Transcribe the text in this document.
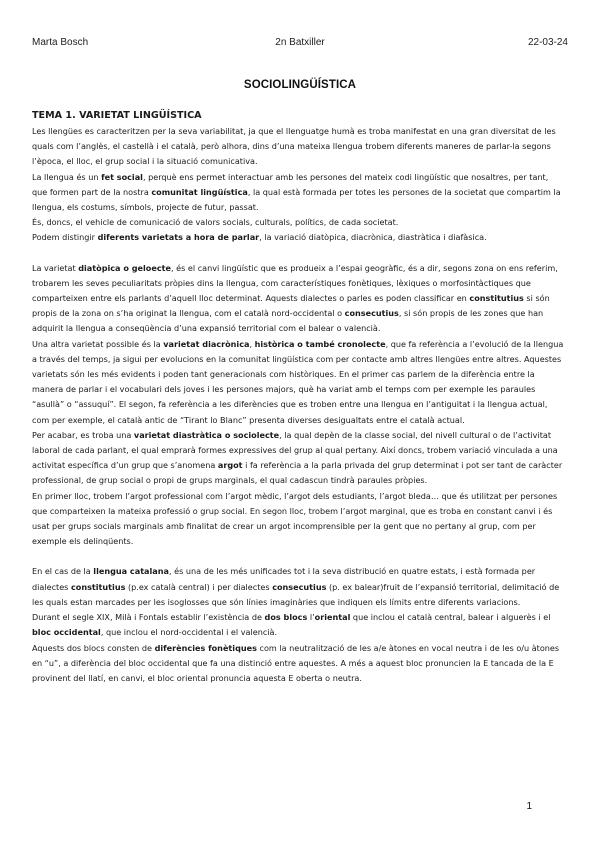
Marta Bosch	2n Batxiller	22-03-24
SOCIOLINGÜÍSTICA
TEMA 1. VARIETAT LINGÜÍSTICA

Les llengües es caracteritzen per la seva variabilitat, ja que el llenguatge humà es troba manifestat en una gran diversitat de les quals com l’anglès, el castellà i el català, però alhora, dins d’una mateixa llengua trobem diferents maneres de parlar-la segons l’època, el lloc, el grup social i la situació comunicativa.

La llengua és un fet social, perquè ens permet interactuar amb les persones del mateix codi lingüístic que nosaltres, per tant, que formen part de la nostra comunitat lingüística, la qual està formada per totes les persones de la societat que compartim la llengua, els costums, símbols, projecte de futur, passat.

És, doncs, el vehicle de comunicació de valors socials, culturals, polítics, de cada societat.

Podem distingir diferents varietats a hora de parlar, la variació diatòpica, diacrònica, diastràtica i diafàsica.

La varietat diatòpica o geloecte, és el canvi lingüístic que es produeix a l’espai geogràfic, és a dir, segons zona on ens referim, trobarem les seves peculiaritats pròpies dins la llengua, com característiques fonètiques, lèxiques o morfosintàctiques que comparteixen entre els parlants d’aquell lloc determinat. Aquests dialectes o parles es poden classificar en constitutius si són propis de la zona on s’ha originat la llengua, com el català nord-occidental o consecutius, si són propis de les zones que han adquirit la llengua a conseqüència d’una expansió territorial com el balear o valencià.

Una altra varietat possible és la varietat diacrònica, històrica o també cronolecte, que fa referència a l’evolució de la llengua a través del temps, ja sigui per evolucions en la comunitat lingüística com per contacte amb altres llengües entre altres. Aquestes varietats són les més evidents i poden tant generacionals com històriques. En el primer cas parlem de la diferència entre la manera de parlar i el vocabulari dels joves i les persones majors, què ha variat amb el temps com per exemple les paraules “asullà” o “assuquí”. El segon, fa referència a les diferències que es troben entre una llengua en l’antiguitat i la llengua actual, com per exemple, el català antic de “Tirant lo Blanc” presenta diverses desigualtats entre el català actual.

Per acabar, es troba una varietat diastràtica o sociolecte, la qual depèn de la classe social, del nivell cultural o de l’activitat laboral de cada parlant, el qual emprarà formes expressives del grup al qual pertany. Així doncs, trobem variació vinculada a una activitat específica d’un grup que s’anomena argot i fa referència a la parla privada del grup determinat i pot ser tant de caràcter professional, de grup social o propi de grups marginals, el qual cadascun tindrà paraules pròpies.

En primer lloc, trobem l’argot professional com l’argot mèdic, l’argot dels estudiants, l’argot bleda… que és utilitzat per persones que comparteixen la mateixa professió o grup social. En segon lloc, trobem l’argot marginal, que es troba en constant canvi i és usat per grups socials marginals amb finalitat de crear un argot incomprensible per la gent que no pertany al grup, com per exemple els delinqüents.

En el cas de la llengua catalana, és una de les més unificades tot i la seva distribució en quatre estats, i està formada per dialectes constitutius (p.ex català central) i per dialectes consecutius (p. ex balear)fruit de l’expansió territorial, delimitació de les quals estan marcades per les isoglosses que són línies imaginàries que indiquen els límits entre diferents variacions.

Durant el segle XIX, Milà i Fontals establir l’existència de dos blocs l’oriental que inclou el català central, balear i alguerès i el bloc occidental, que inclou el nord-occidental i el valencià.

Aquests dos blocs consten de diferències fonètiques com la neutralització de les a/e àtones en vocal neutra i de les o/u àtones en “u”, a diferència del bloc occidental que fa una distinció entre aquestes. A més a aquest bloc pronuncien la E tancada de la E provinent del llatí, en canvi, el bloc oriental pronuncia aquesta E oberta o neutra.

1
